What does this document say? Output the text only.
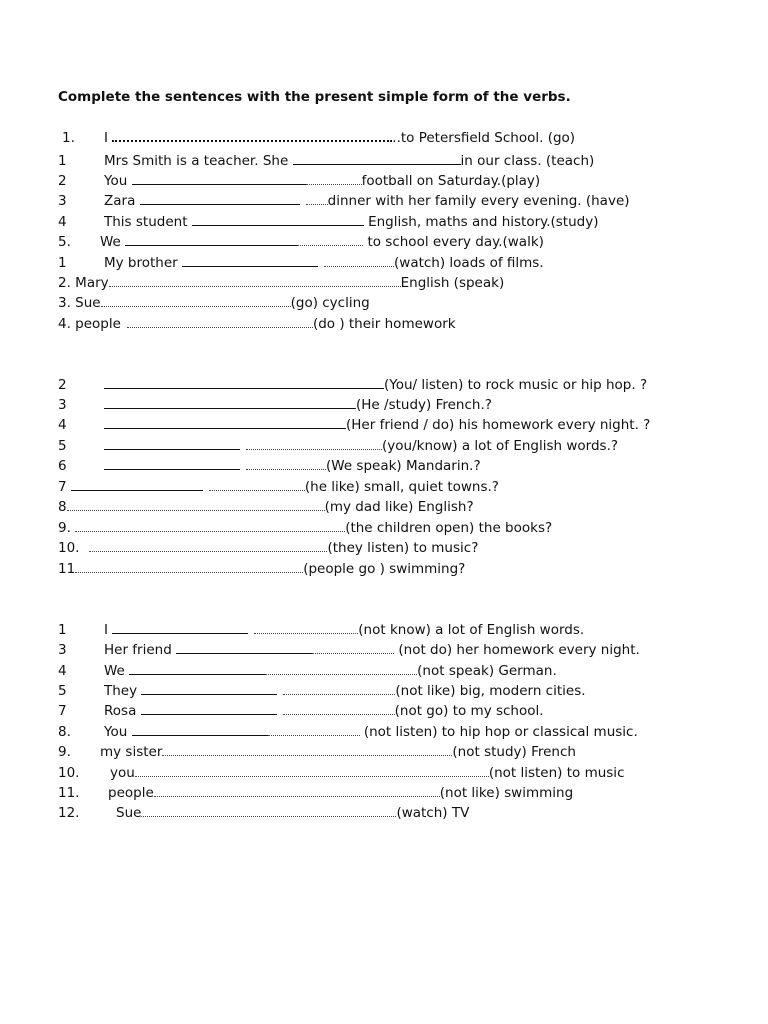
Complete the sentences with the present simple form of the verbs.
1. I	..to Petersfield School. (go)
1	Mrs Smith is a teacher. She	in our class. (teach)
2	You	football on Saturday.(play)
3	Zara	dinner with her family every evening. (have)
4	This student	English, maths and history.(study)
5. We	to school every day.(walk)
1	My brother	(watch) loads of films.
2. Mary	English (speak)
3. Sue	(go) cycling
4. people	(do ) their homework
2	(You/ listen) to rock music or hip hop. ?
3	(He /study) French.?
4	(Her friend / do) his homework every night. ?
5	(you/know) a lot of English words.?
6	(We speak) Mandarin.?
7	(he like) small, quiet towns.?
8	(my dad like) English?
9.	(the children open) the books?
10.	(they listen) to music?
11	(people go ) swimming?
1	I	(not know) a lot of English words.
3	Her friend	(not do) her homework every night.
4	We	(not speak) German.
5	They	(not like) big, modern cities.
7	Rosa	(not go) to my school.
8. You	(not listen) to hip hop or classical music.
9. my sister	(not study) French
10. you	(not listen) to music
11. people	(not like) swimming
12.	Sue	(watch) TV
